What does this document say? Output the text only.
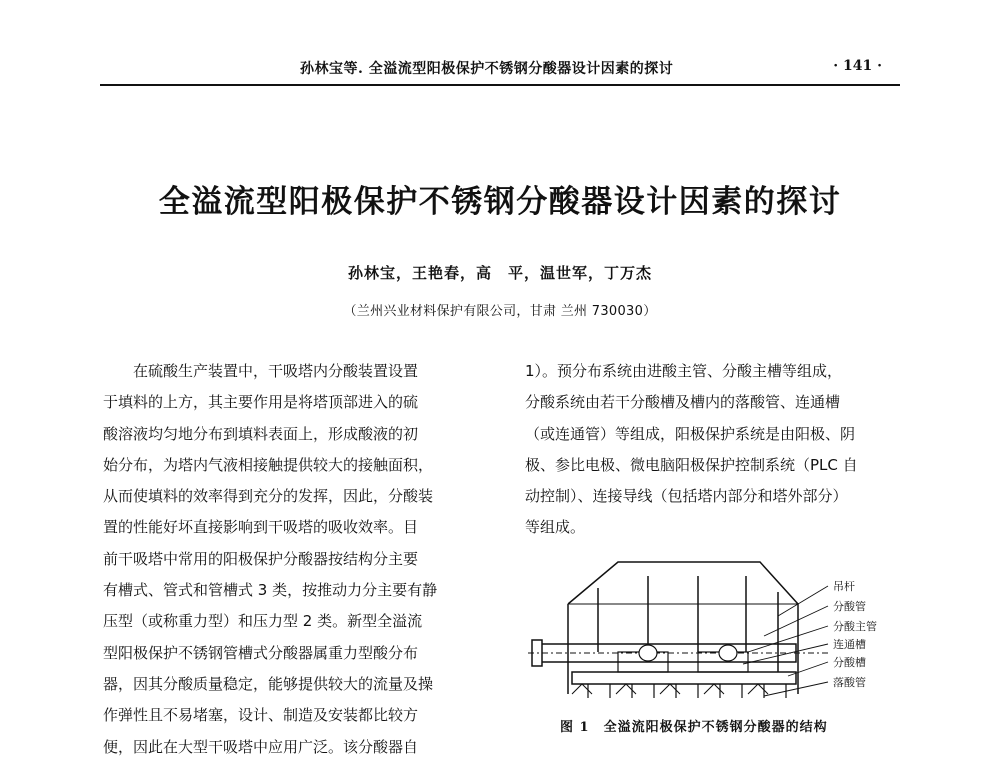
孙林宝等. 全溢流型阳极保护不锈钢分酸器设计因素的探讨	· 141 ·
全溢流型阳极保护不锈钢分酸器设计因素的探讨
孙林宝，王艳春，高　平，温世军，丁万杰
（兰州兴业材料保护有限公司，甘肃 兰州 730030）
　　在硫酸生产装置中，干吸塔内分酸装置设置
于填料的上方，其主要作用是将塔顶部进入的硫
酸溶液均匀地分布到填料表面上，形成酸液的初
始分布，为塔内气液相接触提供较大的接触面积，
从而使填料的效率得到充分的发挥，因此，分酸装
置的性能好坏直接影响到干吸塔的吸收效率。目
前干吸塔中常用的阳极保护分酸器按结构分主要
有槽式、管式和管槽式 3 类，按推动力分主要有静
压型（或称重力型）和压力型 2 类。新型全溢流
型阳极保护不锈钢管槽式分酸器属重力型酸分布
器，因其分酸质量稳定，能够提供较大的流量及操
作弹性且不易堵塞，设计、制造及安装都比较方
便，因此在大型干吸塔中应用广泛。该分酸器自
1）。预分布系统由进酸主管、分酸主槽等组成，
分酸系统由若干分酸槽及槽内的落酸管、连通槽
（或连通管）等组成，阳极保护系统是由阳极、阴
极、参比电极、微电脑阳极保护控制系统（PLC 自
动控制）、连接导线（包括塔内部分和塔外部分）
等组成。
吊杆
分酸管
分酸主管
连通槽
分酸槽
落酸管
图 1　全溢流阳极保护不锈钢分酸器的结构
